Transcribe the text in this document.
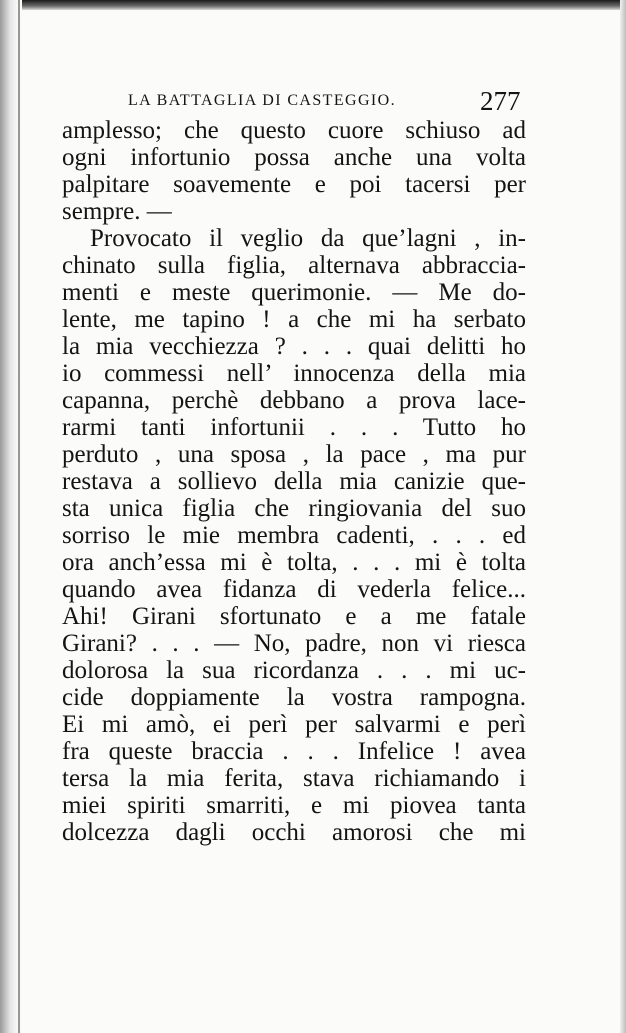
LA BATTAGLIA DI CASTEGGIO.	277
amplesso; che questo cuore schiuso ad
ogni infortunio possa anche una volta
palpitare soavemente e poi tacersi per
sempre. —
Provocato il veglio da que’lagni , in-
chinato sulla figlia, alternava abbraccia-
menti e meste querimonie. — Me do-
lente, me tapino ! a che mi ha serbato
la mia vecchiezza ? . . . quai delitti ho
io commessi nell’ innocenza della mia
capanna, perchè debbano a prova lace-
rarmi tanti infortunii . . . Tutto ho
perduto , una sposa , la pace , ma pur
restava a sollievo della mia canizie que-
sta unica figlia che ringiovania del suo
sorriso le mie membra cadenti, . . . ed
ora anch’essa mi è tolta, . . . mi è tolta
quando avea fidanza di vederla felice...
Ahi! Girani sfortunato e a me fatale
Girani? . . . — No, padre, non vi riesca
dolorosa la sua ricordanza . . . mi uc-
cide doppiamente la vostra rampogna.
Ei mi amò, ei perì per salvarmi e perì
fra queste braccia . . . Infelice ! avea
tersa la mia ferita, stava richiamando i
miei spiriti smarriti, e mi piovea tanta
dolcezza dagli occhi amorosi che mi
